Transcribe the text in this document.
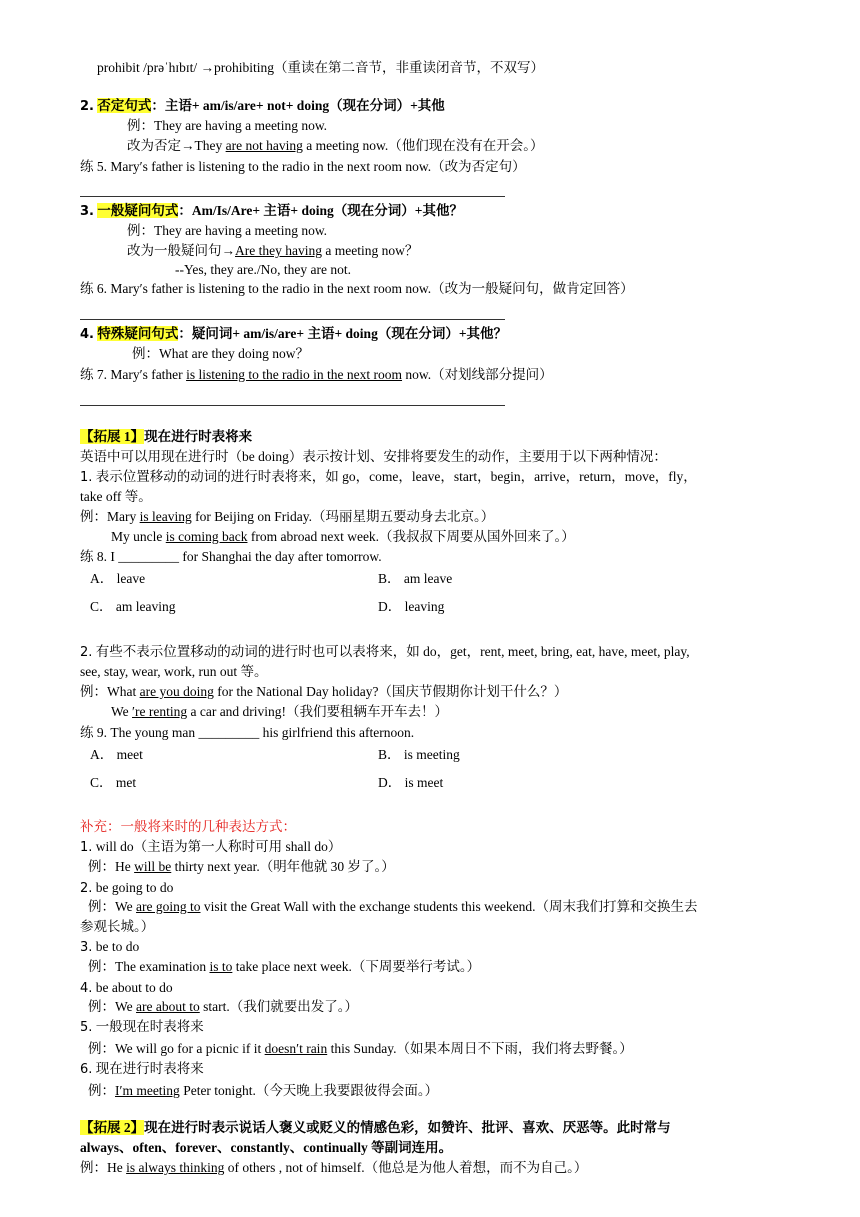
prohibit /prəˈhɪbɪt/ →prohibiting（重读在第二音节，非重读闭音节，不双写）
2. 否定句式：主语+ am/is/are+ not+ doing（现在分词）+其他
例：They are having a meeting now.
改为否定→They are not having a meeting now.（他们现在没有在开会。）
练 5. Mary′s father is listening to the radio in the next room now.（改为否定句）
3. 一般疑问句式：Am/Is/Are+ 主语+ doing（现在分词）+其他？
例：They are having a meeting now.
改为一般疑问句→Are they having a meeting now？
--Yes, they are./No, they are not.
练 6. Mary′s father is listening to the radio in the next room now.（改为一般疑问句，做肯定回答）
4. 特殊疑问句式：疑问词+ am/is/are+ 主语+ doing（现在分词）+其他？
例：What are they doing now？
练 7. Mary′s father is listening to the radio in the next room now.（对划线部分提问）
【拓展 1】现在进行时表将来
英语中可以用现在进行时（be doing）表示按计划、安排将要发生的动作，主要用于以下两种情况：
1. 表示位置移动的动词的进行时表将来，如 go，come，leave，start，begin，arrive，return，move，fly，
take off 等。
例：Mary is leaving for Beijing on Friday.（玛丽星期五要动身去北京。）
My uncle is coming back from abroad next week.（我叔叔下周要从国外回来了。）
练 8. I _________ for Shanghai the day after tomorrow.
A． leave	B． am leave
C． am leaving	D． leaving
2. 有些不表示位置移动的动词的进行时也可以表将来，如 do，get，rent, meet, bring, eat, have, meet, play,
see, stay, wear, work, run out 等。
例：What are you doing for the National Day holiday?（国庆节假期你计划干什么？）
We ′re renting a car and driving!（我们要租辆车开车去！）
练 9. The young man _________ his girlfriend this afternoon.
A． meet	B． is meeting
C． met	D． is meet
补充：一般将来时的几种表达方式：
1. will do（主语为第一人称时可用 shall do）
例：He will be thirty next year.（明年他就 30 岁了。）
2. be going to do
例：We are going to visit the Great Wall with the exchange students this weekend.（周末我们打算和交换生去
参观长城。）
3. be to do
例：The examination is to take place next week.（下周要举行考试。）
4. be about to do
例：We are about to start.（我们就要出发了。）
5. 一般现在时表将来
例：We will go for a picnic if it doesn′t rain this Sunday.（如果本周日不下雨，我们将去野餐。）
6. 现在进行时表将来
例：I′m meeting Peter tonight.（今天晚上我要跟彼得会面。）
【拓展 2】现在进行时表示说话人褒义或贬义的情感色彩，如赞许、批评、喜欢、厌恶等。此时常与
always、often、forever、constantly、continually 等副词连用。
例：He is always thinking of others , not of himself.（他总是为他人着想，而不为自己。）
